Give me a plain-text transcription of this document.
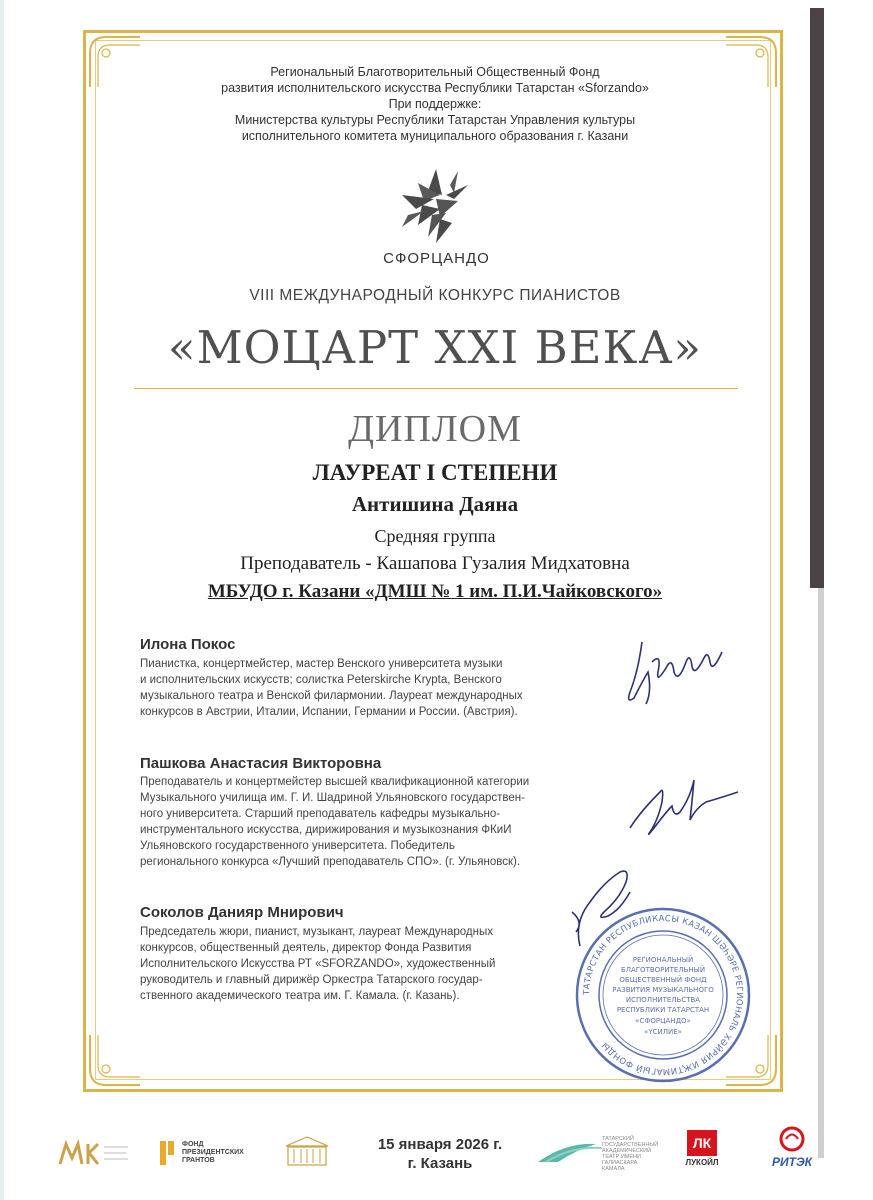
Региональный Благотворительный Общественный Фонд
развития исполнительского искусства Республики Татарстан «Sforzando»
При поддержке:
Министерства культуры Республики Татарстан Управления культуры
исполнительного комитета муниципального образования г. Казани
СФОРЦАНДО
VIII МЕЖДУНАРОДНЫЙ КОНКУРС ПИАНИСТОВ
«МОЦАРТ XXI ВЕКА»
ДИПЛОМ
ЛАУРЕАТ I СТЕПЕНИ
Антишина Даяна
Средняя группа
Преподаватель - Кашапова Гузалия Мидхатовна
МБУДО г. Казани «ДМШ № 1 им. П.И.Чайковского»
Илона Покос
Пианистка, концертмейстер, мастер Венского университета музыки
и исполнительских искусств; солистка Peterskirche Krypta, Венского
музыкального театра и Венской филармонии. Лауреат международных
конкурсов в Австрии, Италии, Испании, Германии и России. (Австрия).
Пашкова Анастасия Викторовна
Преподаватель и концертмейстер высшей квалификационной категории
Музыкального училища им. Г. И. Шадриной Ульяновского государствен-
ного университета. Старший преподаватель кафедры музыкально-
инструментального искусства, дирижирования и музыкознания ФКиИ
Ульяновского государственного университета. Победитель
регионального конкурса «Лучший преподаватель СПО». (г. Ульяновск).
Соколов Данияр Мнирович
Председатель жюри, пианист, музыкант, лауреат Международных
конкурсов, общественный деятель, директор Фонда Развития
Исполнительского Искусства РТ «SFORZANDO», художественный
руководитель и главный дирижёр Оркестра Татарского государ-
ственного академического театра им. Г. Камала. (г. Казань).	ТАТАРСТАН РЕСПУБЛИКАСЫ КАЗАН ШӘҺӘРЕ РЕГИОНАЛЬ ХӘЙРИЯ ИҖТИМАГЫЙ ФОНДЫ
РЕГИОНАЛЬНЫЙ
БЛАГОТВОРИТЕЛЬНЫЙ
ОБЩЕСТВЕННЫЙ ФОНД
РАЗВИТИЯ МУЗЫКАЛЬНОГО
ИСПОЛНИТЕЛЬСТВА
РЕСПУБЛИКИ ТАТАРСТАН
«СФОРЦАНДО»
«ҮСИЛИЕ»
ФОНД ПРЕЗИДЕНТСКИХ ГРАНТОВ
15 января 2026 г.
г. Казань
ТАТАРСКИЙ ГОСУДАРСТВЕННЫЙ АКАДЕМИЧЕСКИЙ ТЕАТР ИМЕНИ ГАЛИАСКАРА КАМАЛА
ЛК
ЛУКОЙЛ	РИТЭК
